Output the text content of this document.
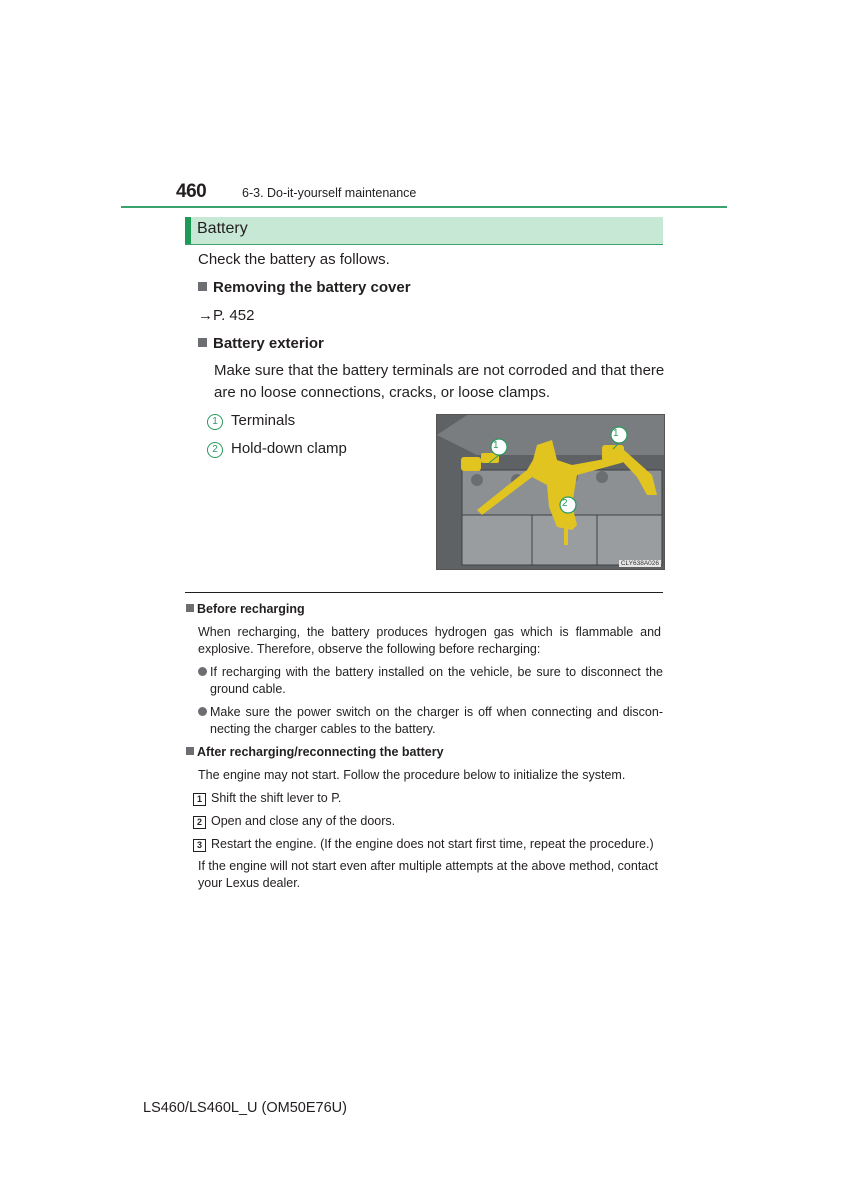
460	6-3. Do-it-yourself maintenance
Battery
Check the battery as follows.
Removing the battery cover
→P. 452
Battery exterior
Make sure that the battery terminals are not corroded and that there
are no loose connections, cracks, or loose clamps.
1 Terminals
2 Hold-down clamp	1
1
2
CLY638A026
Before recharging
When recharging, the battery produces hydrogen gas which is flammable and
explosive. Therefore, observe the following before recharging:
If recharging with the battery installed on the vehicle, be sure to disconnect the
ground cable.
Make sure the power switch on the charger is off when connecting and discon-
necting the charger cables to the battery.
After recharging/reconnecting the battery
The engine may not start. Follow the procedure below to initialize the system.
1 Shift the shift lever to P.
2 Open and close any of the doors.
3 Restart the engine. (If the engine does not start first time, repeat the procedure.)
If the engine will not start even after multiple attempts at the above method, contact
your Lexus dealer.
LS460/LS460L_U (OM50E76U)
